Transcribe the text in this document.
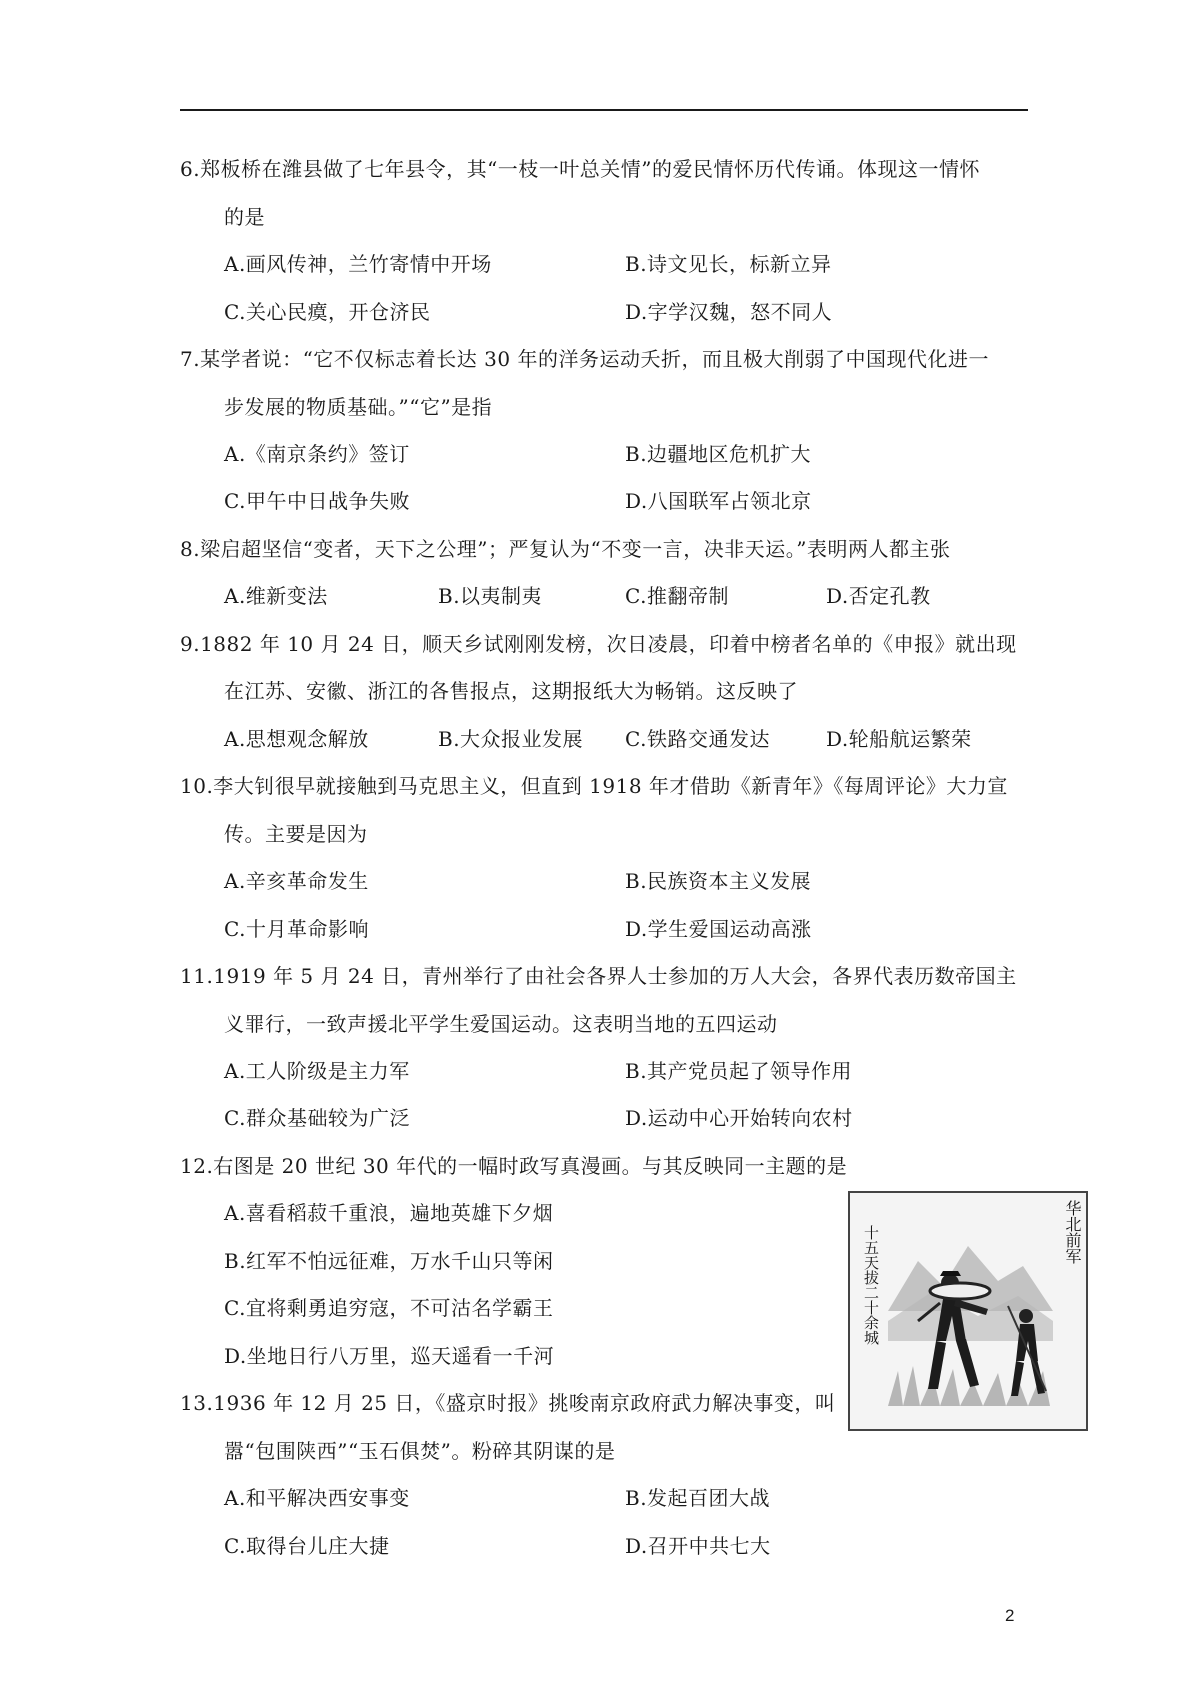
6.郑板桥在潍县做了七年县令，其“一枝一叶总关情”的爱民情怀历代传诵。体现这一情怀
的是
A.画风传神，兰竹寄情中开场	B.诗文见长，标新立异
C.关心民瘼，开仓济民	D.字学汉魏，怒不同人
7.某学者说：“它不仅标志着长达 30 年的洋务运动夭折，而且极大削弱了中国现代化进一
步发展的物质基础。”“它”是指
A.《南京条约》签订	B.边疆地区危机扩大
C.甲午中日战争失败	D.八国联军占领北京
8.梁启超坚信“变者，天下之公理”；严复认为“不变一言，决非天运。”表明两人都主张
A.维新变法	B.以夷制夷	C.推翻帝制	D.否定孔教
9.1882 年 10 月 24 日，顺天乡试刚刚发榜，次日凌晨，印着中榜者名单的《申报》就出现
在江苏、安徽、浙江的各售报点，这期报纸大为畅销。这反映了
A.思想观念解放	B.大众报业发展 C.铁路交通发达	D.轮船航运繁荣
10.李大钊很早就接触到马克思主义，但直到 1918 年才借助《新青年》《每周评论》大力宣
传。主要是因为
A.辛亥革命发生	B.民族资本主义发展
C.十月革命影响	D.学生爱国运动高涨
11.1919 年 5 月 24 日，青州举行了由社会各界人士参加的万人大会，各界代表历数帝国主
义罪行，一致声援北平学生爱国运动。这表明当地的五四运动
A.工人阶级是主力军	B.其产党员起了领导作用
C.群众基础较为广泛	D.运动中心开始转向农村
12.右图是 20 世纪 30 年代的一幅时政写真漫画。与其反映同一主题的是
A.喜看稻菽千重浪，遍地英雄下夕烟
B.红军不怕远征难，万水千山只等闲
C.宜将剩勇追穷寇，不可沽名学霸王
D.坐地日行八万里，巡天遥看一千河
华北前军
十五天拔二十余城
13.1936 年 12 月 25 日，《盛京时报》挑唆南京政府武力解决事变，叫
嚣“包围陕西”“玉石俱焚”。粉碎其阴谋的是
A.和平解决西安事变	B.发起百团大战
C.取得台儿庄大捷	D.召开中共七大
2
